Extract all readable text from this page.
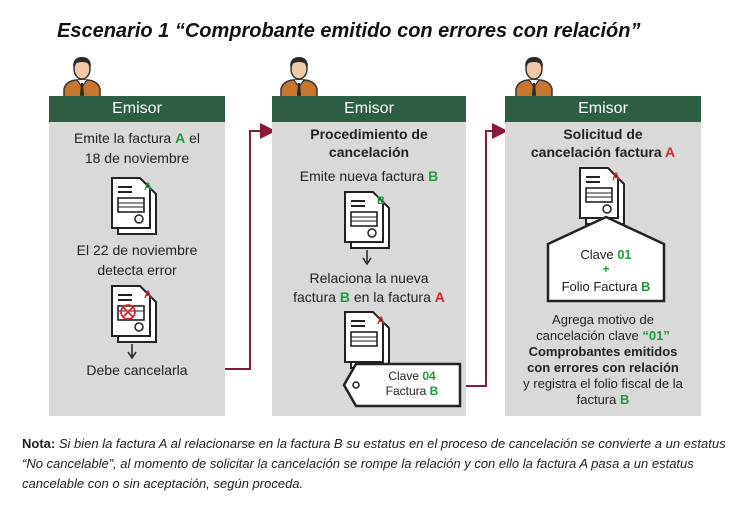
Escenario 1 “Comprobante emitido con errores con relación”
Emisor
Emite la factura A el
18 de noviembre
A
El 22 de noviembre
detecta error
A
Debe cancelarla
Emisor
Procedimiento de
cancelación
Emite nueva factura B
B
Relaciona la nueva
factura B en la factura A
A
Clave 04
Factura B
Emisor
Solicitud de
cancelación factura A
A
Clave 01
+
Folio Factura B
Agrega motivo de
cancelación clave “01”
Comprobantes emitidos
con errores con relación
y registra el folio fiscal de la
factura B
Nota: Si bien la factura A al relacionarse en la factura B su estatus en el proceso de cancelación se convierte a un estatus “No cancelable”, al momento de solicitar la cancelación se rompe la relación y con ello la factura A pasa a un estatus cancelable con o sin aceptación, según proceda.
